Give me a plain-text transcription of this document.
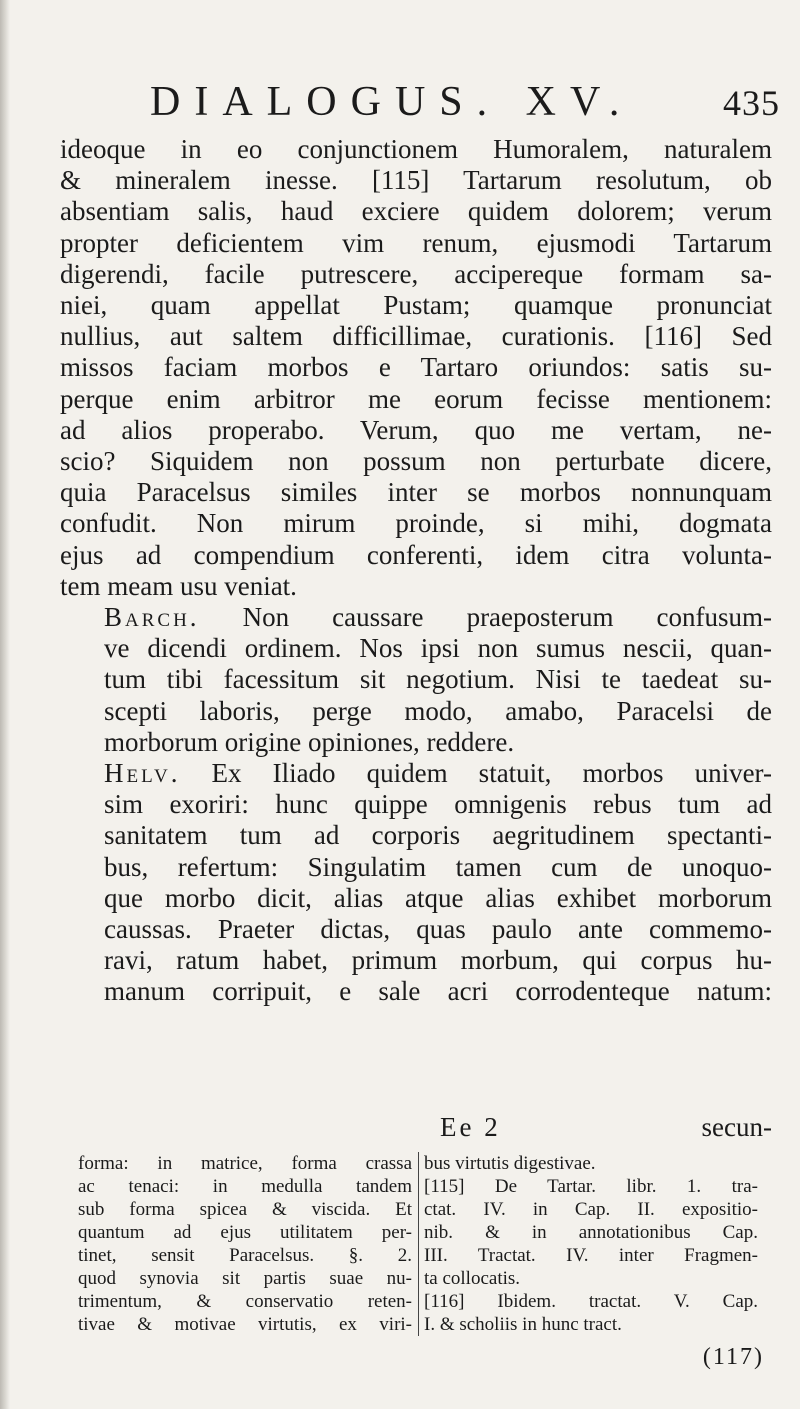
DIALOGUS. XV. 435

ideoque in eo conjunctionem Humoralem, naturalem
& mineralem inesse. [115] Tartarum resolutum, ob
absentiam salis, haud exciere quidem dolorem; verum
propter deficientem vim renum, ejusmodi Tartarum
digerendi, facile putrescere, accipereque formam sa-
niei, quam appellat Pustam; quamque pronunciat
nullius, aut saltem difficillimae, curationis. [116] Sed
missos faciam morbos e Tartaro oriundos: satis su-
perque enim arbitror me eorum fecisse mentionem:
ad alios properabo. Verum, quo me vertam, ne-
scio? Siquidem non possum non perturbate dicere,
quia Paracelsus similes inter se morbos nonnunquam
confudit. Non mirum proinde, si mihi, dogmata
ejus ad compendium conferenti, idem citra volunta-
tem meam usu veniat.

Barch. Non caussare praeposterum confusum-
ve dicendi ordinem. Nos ipsi non sumus nescii, quan-
tum tibi facessitum sit negotium. Nisi te taedeat su-
scepti laboris, perge modo, amabo, Paracelsi de
morborum origine opiniones, reddere.

Helv. Ex Iliado quidem statuit, morbos univer-
sim exoriri: hunc quippe omnigenis rebus tum ad
sanitatem tum ad corporis aegritudinem spectanti-
bus, refertum: Singulatim tamen cum de unoquo-
que morbo dicit, alias atque alias exhibet morborum
caussas. Praeter dictas, quas paulo ante commemo-
ravi, ratum habet, primum morbum, qui corpus hu-
manum corripuit, e sale acri corrodenteque natum:

Ee 2	secun-
forma: in matrice, forma crassa
ac tenaci: in medulla tandem
sub forma spicea & viscida. Et
quantum ad ejus utilitatem per-
tinet, sensit Paracelsus. §. 2.
quod synovia sit partis suae nu-
trimentum, & conservatio reten-
tivae & motivae virtutis, ex viri-
bus virtutis digestivae.
[115] De Tartar. libr. 1. tra-
ctat. IV. in Cap. II. expositio-
nib. & in annotationibus Cap.
III. Tractat. IV. inter Fragmen-
ta collocatis.
[116] Ibidem. tractat. V. Cap.
I. & scholiis in hunc tract.
(117)
